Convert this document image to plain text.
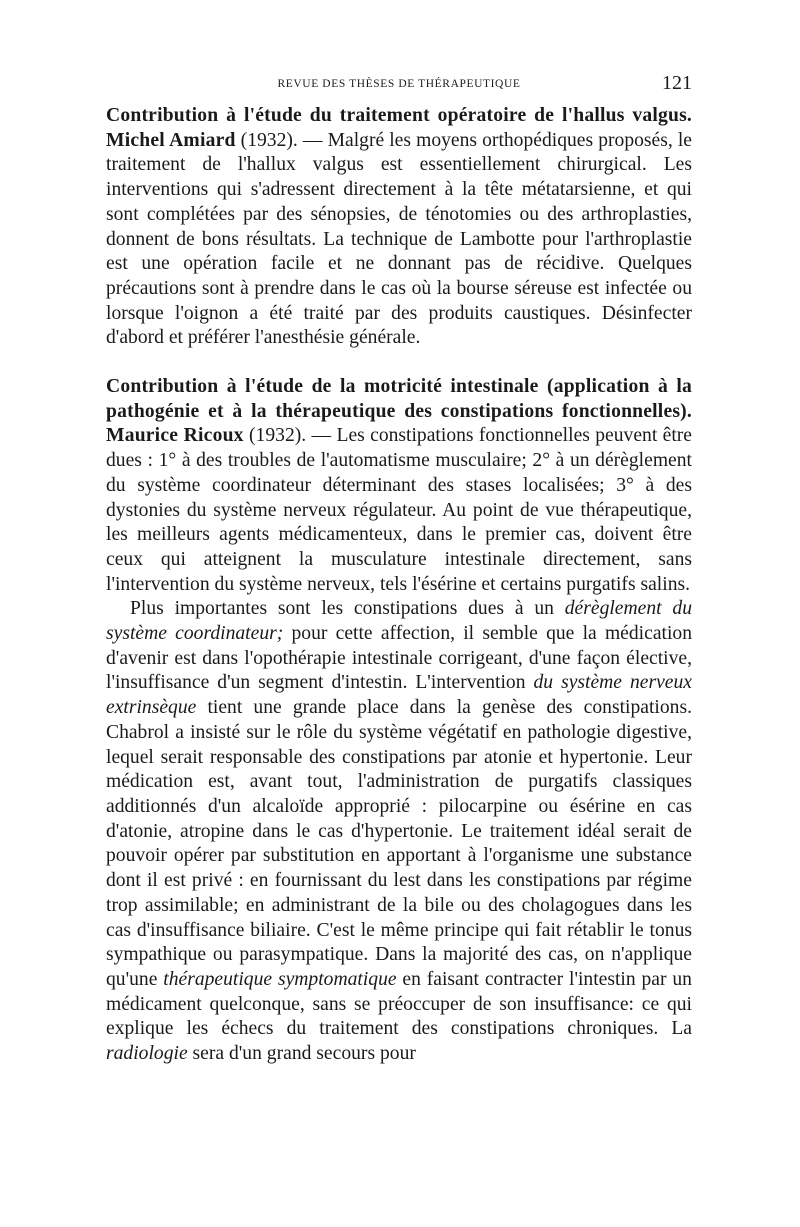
REVUE DES THÈSES DE THÉRAPEUTIQUE	121

Contribution à l'étude du traitement opératoire de l'hallus valgus. Michel Amiard (1932). — Malgré les moyens orthopédiques proposés, le traitement de l'hallux valgus est essentiellement chirurgical. Les interventions qui s'adressent directement à la tête métatarsienne, et qui sont complétées par des sénopsies, de ténotomies ou des arthroplasties, donnent de bons résultats. La technique de Lambotte pour l'arthroplastie est une opération facile et ne donnant pas de récidive. Quelques précautions sont à prendre dans le cas où la bourse séreuse est infectée ou lorsque l'oignon a été traité par des produits caustiques. Désinfecter d'abord et préférer l'anesthésie générale.

Contribution à l'étude de la motricité intestinale (application à la pathogénie et à la thérapeutique des constipations fonctionnelles). Maurice Ricoux (1932). — Les constipations fonctionnelles peuvent être dues : 1° à des troubles de l'automatisme musculaire; 2° à un dérèglement du système coordinateur déterminant des stases localisées; 3° à des dystonies du système nerveux régulateur. Au point de vue thérapeutique, les meilleurs agents médicamenteux, dans le premier cas, doivent être ceux qui atteignent la musculature intestinale directement, sans l'intervention du système nerveux, tels l'ésérine et certains purgatifs salins.

Plus importantes sont les constipations dues à un dérèglement du système coordinateur; pour cette affection, il semble que la médication d'avenir est dans l'opothérapie intestinale corrigeant, d'une façon élective, l'insuffisance d'un segment d'intestin. L'intervention du système nerveux extrinsèque tient une grande place dans la genèse des constipations. Chabrol a insisté sur le rôle du système végétatif en pathologie digestive, lequel serait responsable des constipations par atonie et hypertonie. Leur médication est, avant tout, l'administration de purgatifs classiques additionnés d'un alcaloïde approprié : pilocarpine ou ésérine en cas d'atonie, atropine dans le cas d'hypertonie. Le traitement idéal serait de pouvoir opérer par substitution en apportant à l'organisme une substance dont il est privé : en fournissant du lest dans les constipations par régime trop assimilable; en administrant de la bile ou des cholagogues dans les cas d'insuffisance biliaire. C'est le même principe qui fait rétablir le tonus sympathique ou parasympatique. Dans la majorité des cas, on n'applique qu'une thérapeutique symptomatique en faisant contracter l'intestin par un médicament quelconque, sans se préoccuper de son insuffisance: ce qui explique les échecs du traitement des constipations chroniques. La radiologie sera d'un grand secours pour
